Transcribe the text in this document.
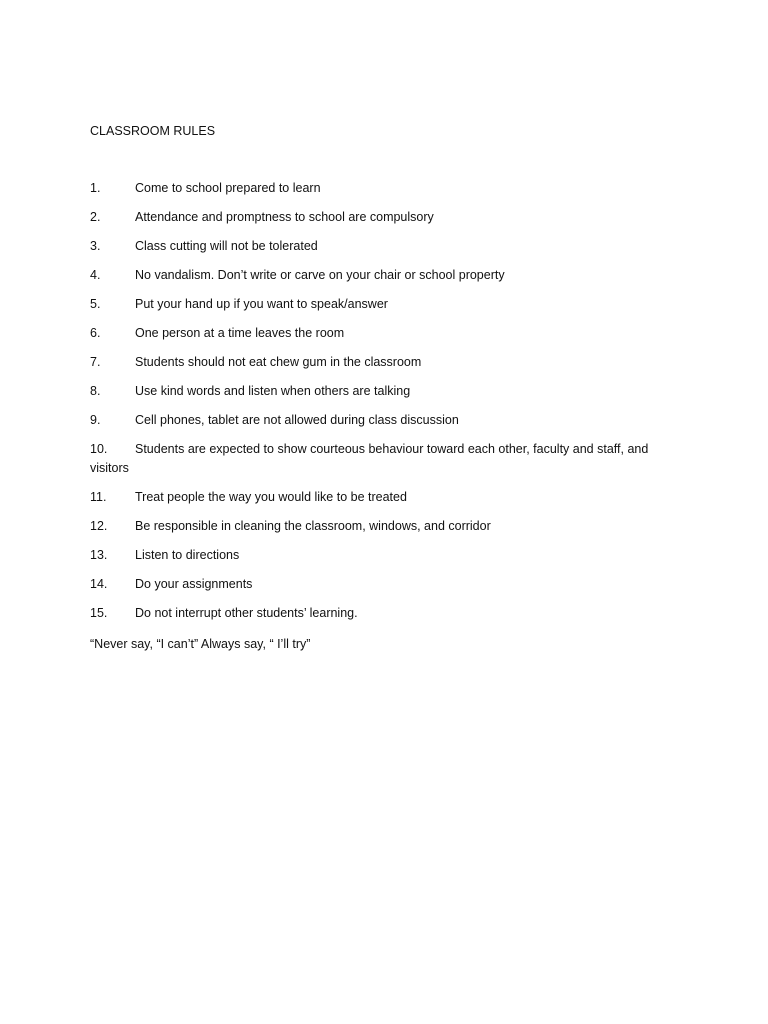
CLASSROOM RULES
1.	Come to school prepared to learn
2.	Attendance and promptness to school are compulsory
3.	Class cutting will not be tolerated
4.	No vandalism. Don’t write or carve on your chair or school property
5.	Put your hand up if you want to speak/answer
6.	One person at a time leaves the room
7.	Students should not eat chew gum in the classroom
8.	Use kind words and listen when others are talking
9.	Cell phones, tablet are not allowed during class discussion
10.	Students are expected to show courteous behaviour toward each other, faculty and staff, and visitors
11.	Treat people the way you would like to be treated
12.	Be responsible in cleaning the classroom, windows, and corridor
13.	Listen to directions
14.	Do your assignments
15.	Do not interrupt other students’ learning.
“Never say, “I can’t” Always say, “ I’ll try”
